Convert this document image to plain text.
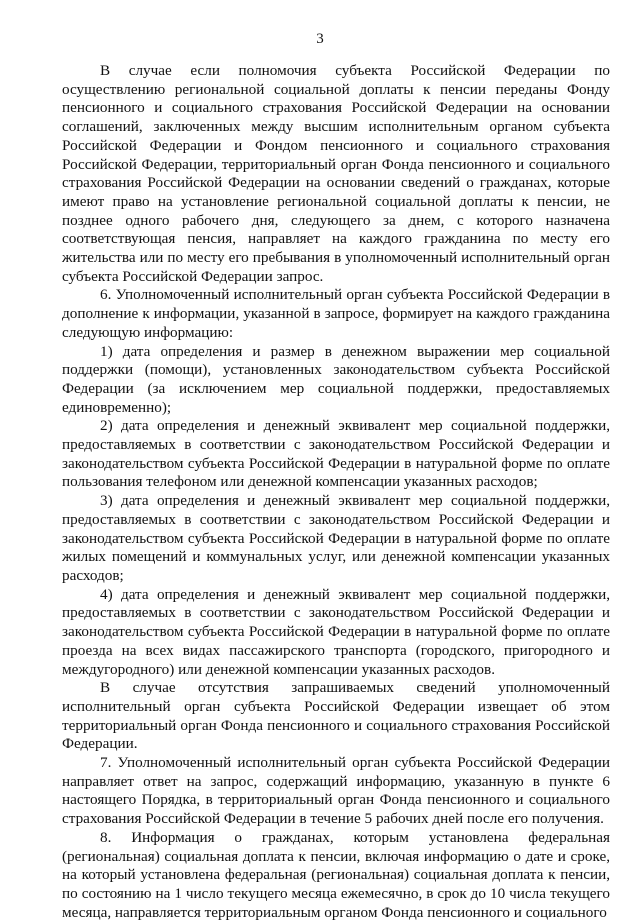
3

В случае если полномочия субъекта Российской Федерации по осуществлению региональной социальной доплаты к пенсии переданы Фонду пенсионного и социального страхования Российской Федерации на основании соглашений, заключенных между высшим исполнительным органом субъекта Российской Федерации и Фондом пенсионного и социального страхования Российской Федерации, территориальный орган Фонда пенсионного и социального страхования Российской Федерации на основании сведений о гражданах, которые имеют право на установление региональной социальной доплаты к пенсии, не позднее одного рабочего дня, следующего за днем, с которого назначена соответствующая пенсия, направляет на каждого гражданина по месту его жительства или по месту его пребывания в уполномоченный исполнительный орган субъекта Российской Федерации запрос.

6. Уполномоченный исполнительный орган субъекта Российской Федерации в дополнение к информации, указанной в запросе, формирует на каждого гражданина следующую информацию:

1) дата определения и размер в денежном выражении мер социальной поддержки (помощи), установленных законодательством субъекта Российской Федерации (за исключением мер социальной поддержки, предоставляемых единовременно);

2) дата определения и денежный эквивалент мер социальной поддержки, предоставляемых в соответствии с законодательством Российской Федерации и законодательством субъекта Российской Федерации в натуральной форме по оплате пользования телефоном или денежной компенсации указанных расходов;

3) дата определения и денежный эквивалент мер социальной поддержки, предоставляемых в соответствии с законодательством Российской Федерации и законодательством субъекта Российской Федерации в натуральной форме по оплате жилых помещений и коммунальных услуг, или денежной компенсации указанных расходов;

4) дата определения и денежный эквивалент мер социальной поддержки, предоставляемых в соответствии с законодательством Российской Федерации и законодательством субъекта Российской Федерации в натуральной форме по оплате проезда на всех видах пассажирского транспорта (городского, пригородного и междугородного) или денежной компенсации указанных расходов.

В случае отсутствия запрашиваемых сведений уполномоченный исполнительный орган субъекта Российской Федерации извещает об этом территориальный орган Фонда пенсионного и социального страхования Российской Федерации.

7. Уполномоченный исполнительный орган субъекта Российской Федерации направляет ответ на запрос, содержащий информацию, указанную в пункте 6 настоящего Порядка, в территориальный орган Фонда пенсионного и социального страхования Российской Федерации в течение 5 рабочих дней после его получения.

8. Информация о гражданах, которым установлена федеральная (региональная) социальная доплата к пенсии, включая информацию о дате и сроке, на который установлена федеральная (региональная) социальная доплата к пенсии, по состоянию на 1 число текущего месяца ежемесячно, в срок до 10 числа текущего месяца, направляется территориальным органом Фонда пенсионного и социального
